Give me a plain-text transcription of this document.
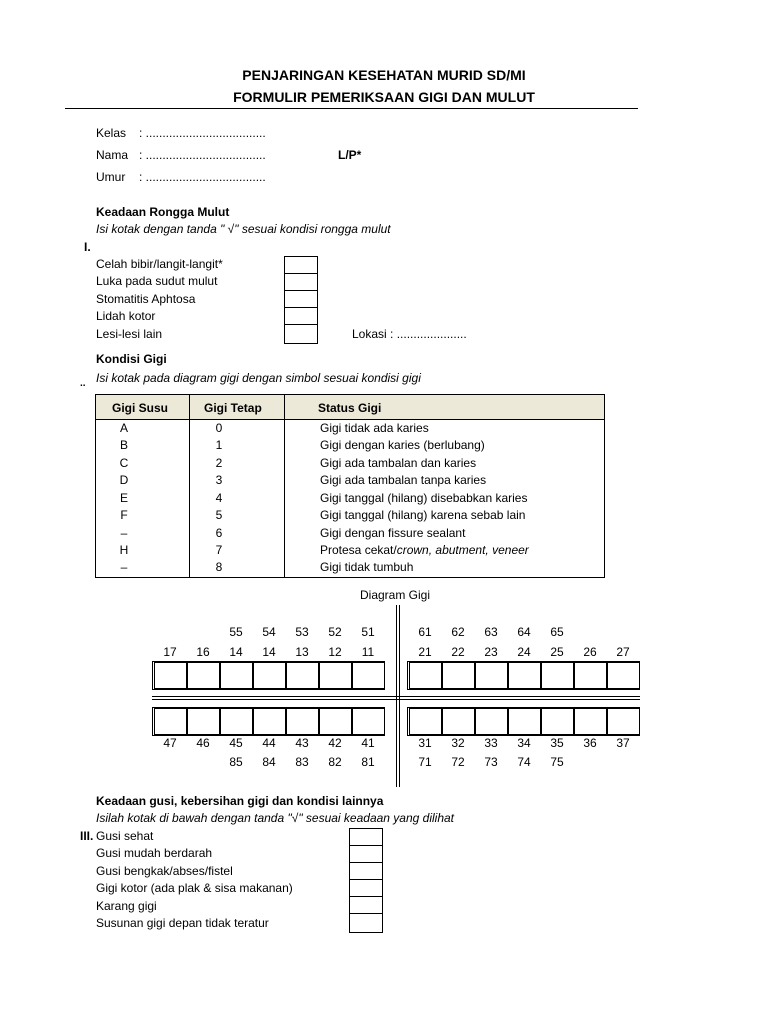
PENJARINGAN KESEHATAN MURID SD/MI
FORMULIR PEMERIKSAAN GIGI DAN MULUT
Kelas : ....................................
Nama : ....................................	L/P*
Umur : ....................................
Keadaan Rongga Mulut
Isi kotak dengan tanda " √" sesuai kondisi rongga mulut
I.
Celah bibir/langit-langit*
Luka pada sudut mulut
Stomatitis Aphtosa
Lidah kotor
Lesi-lesi lain	Lokasi : .....................
Kondisi Gigi
Isi kotak pada diagram gigi dengan simbol sesuai kondisi gigi
..
Gigi Susu	Gigi Tetap	Status Gigi
A	0	Gigi tidak ada karies
B	1	Gigi dengan karies (berlubang)
C	2	Gigi ada tambalan dan karies
D	3	Gigi ada tambalan tanpa karies
E	4	Gigi tanggal (hilang) disebabkan karies
F	5	Gigi tanggal (hilang) karena sebab lain
–	6	Gigi dengan fissure sealant
H	7	Protesa cekat/crown, abutment, veneer
–	8	Gigi tidak tumbuh
Diagram Gigi
55	54	53	52	51	61	62	63	64	65
17	16	14	14	13	12	11	21	22	23	24	25	26	27
47	46	45	44	43	42	41	31	32	33	34	35	36	37
85	84	83	82	81	71	72	73	74	75
Keadaan gusi, kebersihan gigi dan kondisi lainnya
Isilah kotak di bawah dengan tanda "√" sesuai keadaan yang dilihat
III. Gusi sehat
Gusi mudah berdarah
Gusi bengkak/abses/fistel
Gigi kotor (ada plak & sisa makanan)
Karang gigi
Susunan gigi depan tidak teratur
